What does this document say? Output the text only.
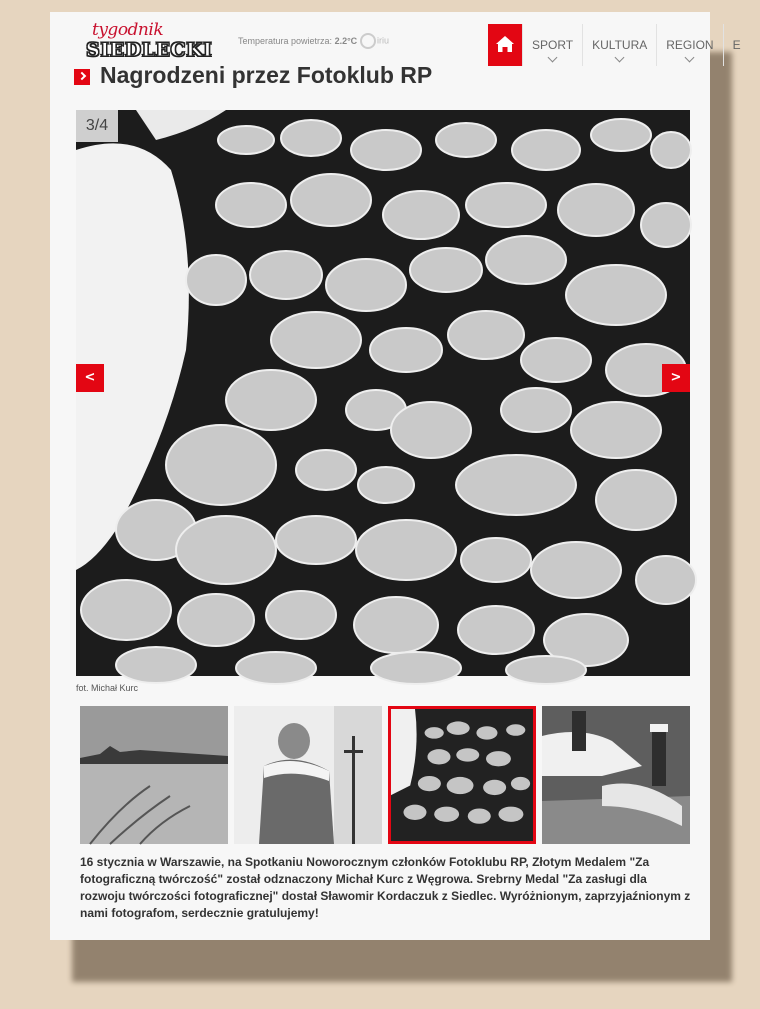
tygodnik
SIEDLECKI	Temperatura powietrza: 2.2°C	iriu	SPORT KULTURA REGION E
Nagrodzeni przez Fotoklub RP
3/4
<	>
fot. Michał Kurc

16 stycznia w Warszawie, na Spotkaniu Noworocznym członków Fotoklubu RP, Złotym Medalem "Za fotograficzną twórczość" został odznaczony Michał Kurc z Węgrowa. Srebrny Medal "Za zasługi dla rozwoju twórczości fotograficznej" dostał Sławomir Kordaczuk z Siedlec. Wyróżnionym, zaprzyjaźnionym z nami fotografom, serdecznie gratulujemy!
